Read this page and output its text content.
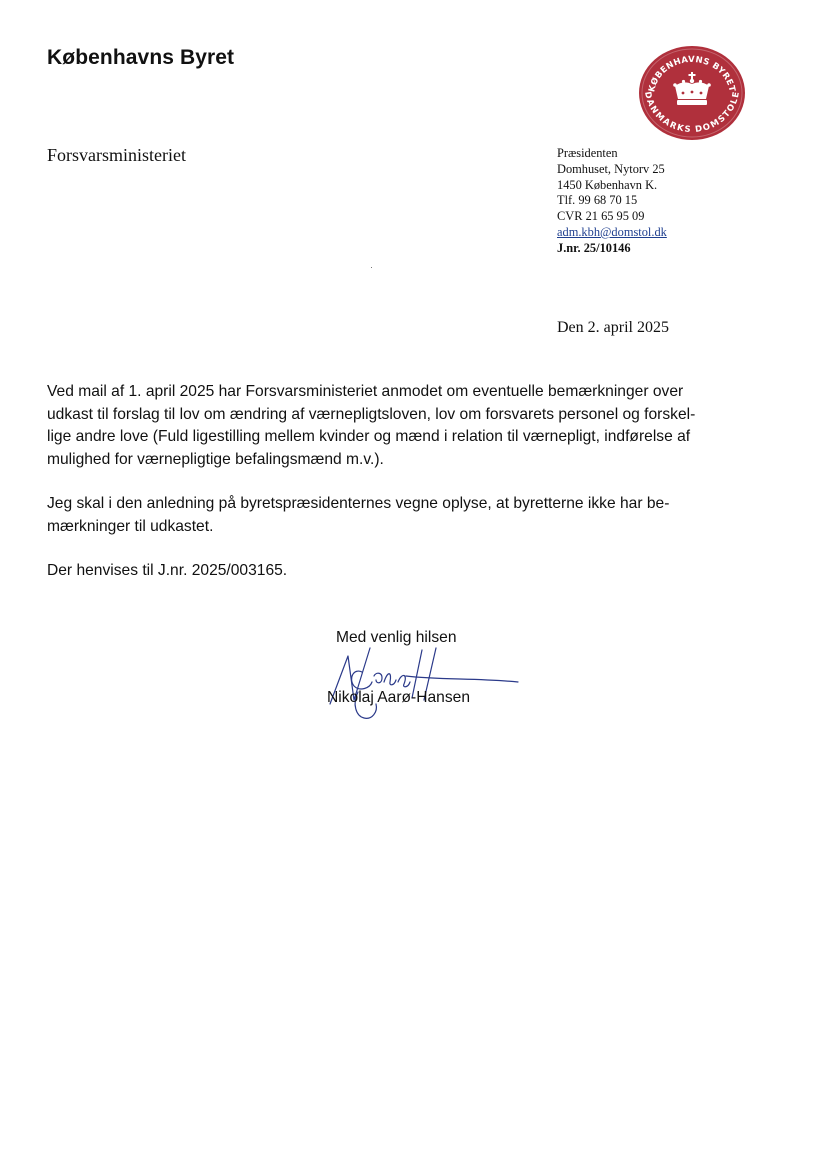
Københavns Byret
KØBENHAVNS BYRET
DANMARKS DOMSTOLE
Forsvarsministeriet	Præsidenten
Domhuset, Nytorv 25
1450 København K.
Tlf. 99 68 70 15
CVR 21 65 95 09
adm.kbh@domstol.dk
J.nr. 25/10146
Den 2. april 2025

Ved mail af 1. april 2025 har Forsvarsministeriet anmodet om eventuelle bemærkninger over
udkast til forslag til lov om ændring af værnepligtsloven, lov om forsvarets personel og forskel-
lige andre love (Fuld ligestilling mellem kvinder og mænd i relation til værnepligt, indførelse af
mulighed for værnepligtige befalingsmænd m.v.).

Jeg skal i den anledning på byretspræsidenternes vegne oplyse, at byretterne ikke har be-
mærkninger til udkastet.

Der henvises til J.nr. 2025/003165.

Med venlig hilsen
Nikolaj Aarø-Hansen
